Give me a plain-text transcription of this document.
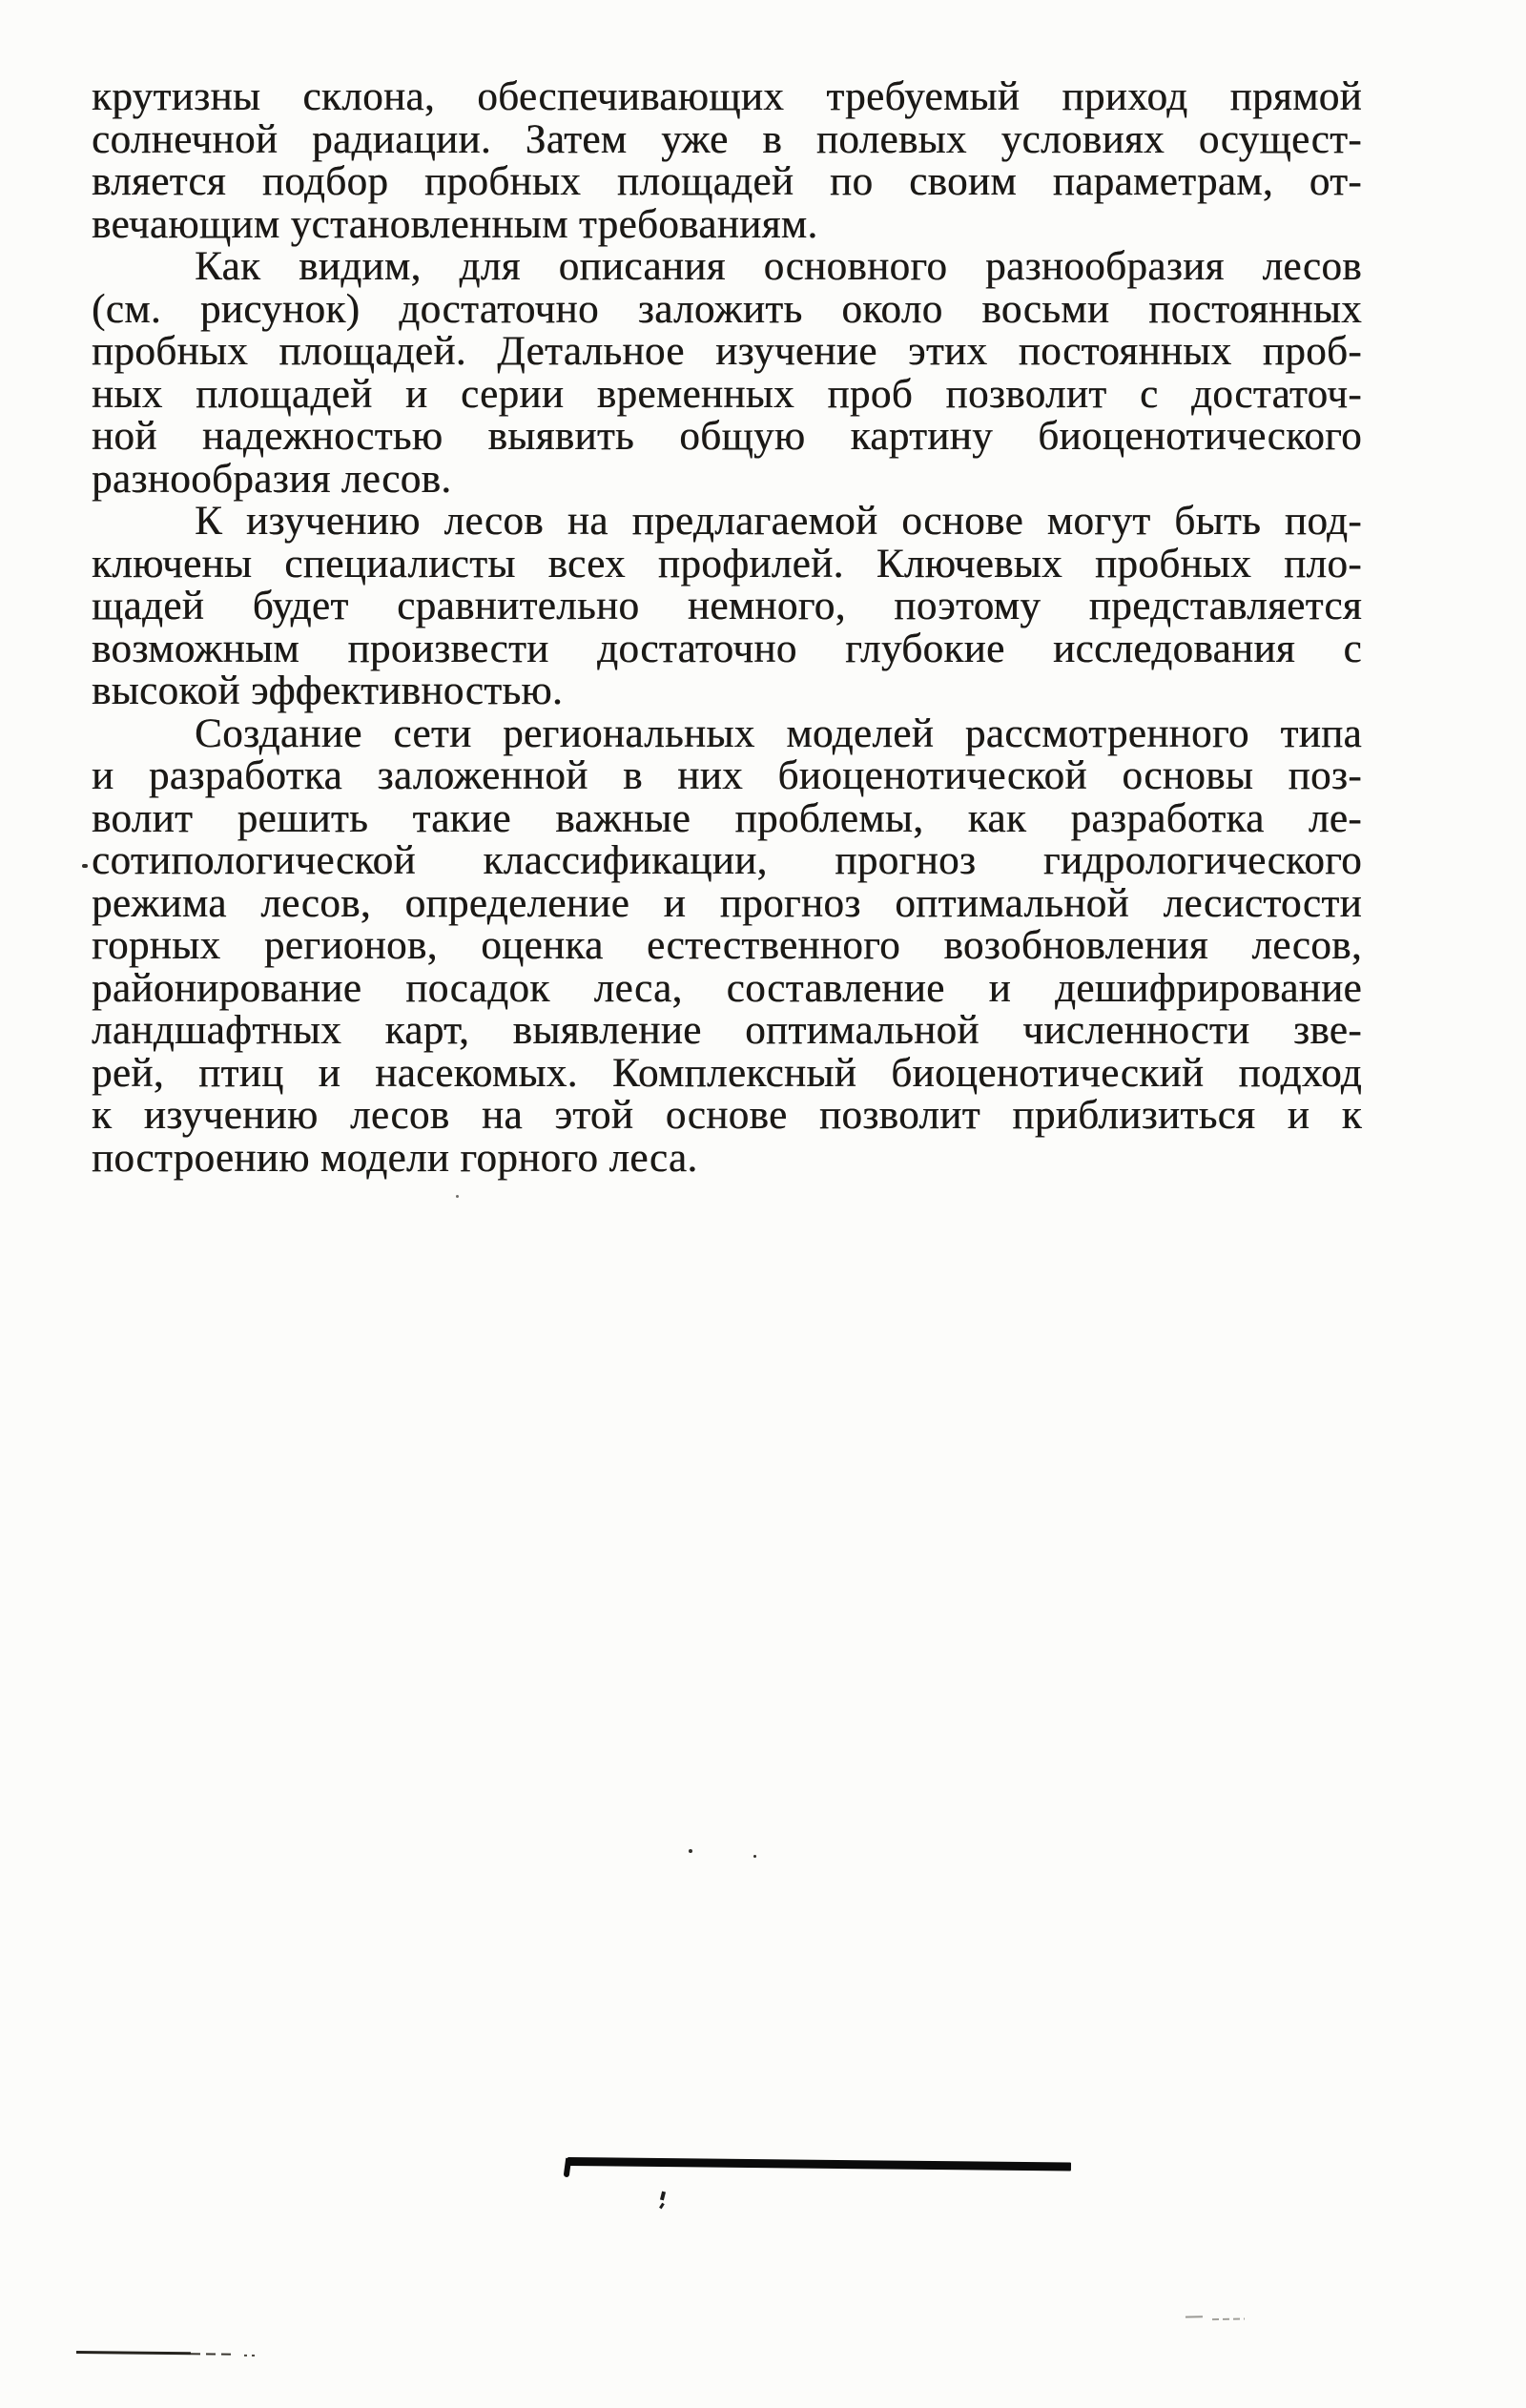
крутизны склона, обеспечивающих требуемый приход прямой
солнечной радиации. Затем уже в полевых условиях осущест-
вляется подбор пробных площадей по своим параметрам, от-
вечающим установленным требованиям.
Как видим, для описания основного разнообразия лесов
(см. рисунок) достаточно заложить около восьми постоянных
пробных площадей. Детальное изучение этих постоянных проб-
ных площадей и серии временных проб позволит с достаточ-
ной надежностью выявить общую картину биоценотического
разнообразия лесов.
К изучению лесов на предлагаемой основе могут быть под-
ключены специалисты всех профилей. Ключевых пробных пло-
щадей будет сравнительно немного, поэтому представляется
возможным произвести достаточно глубокие исследования с
высокой эффективностью.
Создание сети региональных моделей рассмотренного типа
и разработка заложенной в них биоценотической основы поз-
волит решить такие важные проблемы, как разработка ле-
сотипологической классификации, прогноз гидрологического
режима лесов, определение и прогноз оптимальной лесистости
горных регионов, оценка естественного возобновления лесов,
районирование посадок леса, составление и дешифрирование
ландшафтных карт, выявление оптимальной численности зве-
рей, птиц и насекомых. Комплексный биоценотический подход
к изучению лесов на этой основе позволит приблизиться и к
построению модели горного леса.
